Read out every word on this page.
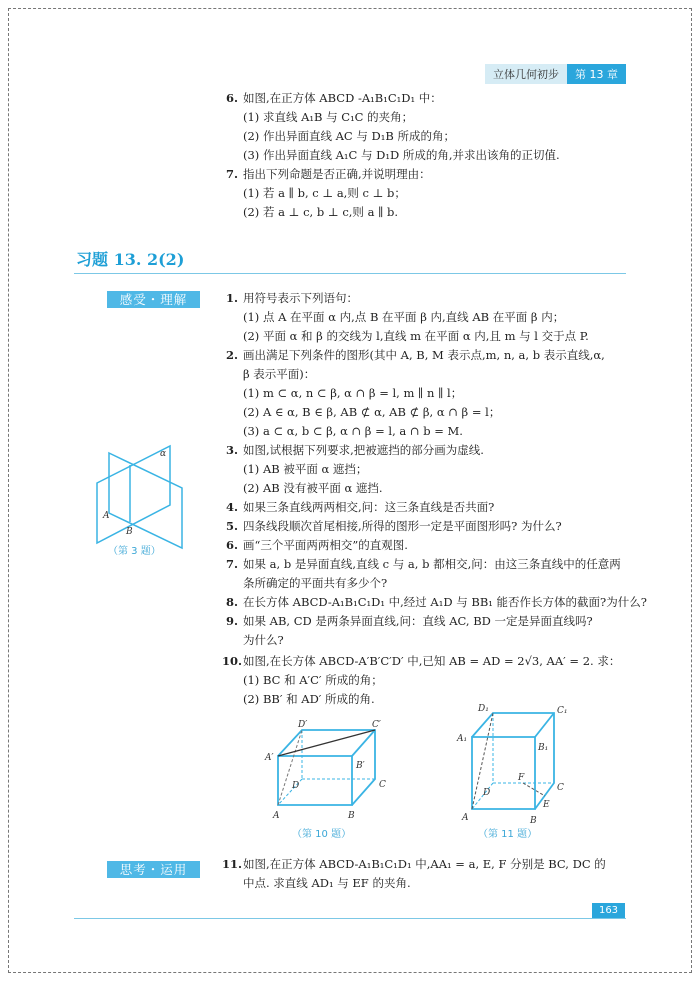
立体几何初步	第 13 章
6. 如图,在正方体 ABCD -A₁B₁C₁D₁ 中：
(1) 求直线 A₁B 与 C₁C 的夹角；
(2) 作出异面直线 AC 与 D₁B 所成的角；
(3) 作出异面直线 A₁C 与 D₁D 所成的角,并求出该角的正切值.
7. 指出下列命题是否正确,并说明理由：
(1) 若 a ∥ b, c ⊥ a,则 c ⊥ b；
(2) 若 a ⊥ c, b ⊥ c,则 a ∥ b.
习题 13. 2(2)
感受・理解	1. 用符号表示下列语句：
(1) 点 A 在平面 α 内,点 B 在平面 β 内,直线 AB 在平面 β 内；
(2) 平面 α 和 β 的交线为 l,直线 m 在平面 α 内,且 m 与 l 交于点 P.
2. 画出满足下列条件的图形(其中 A, B, M 表示点,m, n, a, b 表示直线,α,
β 表示平面)：
(1) m ⊂ α, n ⊂ β, α ∩ β = l, m ∥ n ∥ l；
(2) A ∈ α, B ∈ β, AB ⊄ α, AB ⊄ β, α ∩ β = l；
(3) a ⊂ α, b ⊂ β, α ∩ β = l, a ∩ b = M.
3. 如图,试根据下列要求,把被遮挡的部分画为虚线.
(1) AB 被平面 α 遮挡；
(2) AB 没有被平面 α 遮挡.
4. 如果三条直线两两相交,问：这三条直线是否共面?
5. 四条线段顺次首尾相接,所得的图形一定是平面图形吗? 为什么?
6. 画“三个平面两两相交”的直观图.
7. 如果 a, b 是异面直线,直线 c 与 a, b 都相交,问：由这三条直线中的任意两
条所确定的平面共有多少个?
8. 在长方体 ABCD-A₁B₁C₁D₁ 中,经过 A₁D 与 BB₁ 能否作长方体的截面?为什么?
9. 如果 AB, CD 是两条异面直线,问：直线 AC, BD 一定是异面直线吗?
为什么?
10. 如图,在长方体 ABCD-A′B′C′D′ 中,已知 AB = AD = 2√3, AA′ = 2. 求：
(1) BC 和 A′C′ 所成的角；
(2) BB′ 和 AD′ 所成的角.
思考・运用	11. 如图,在正方体 ABCD-A₁B₁C₁D₁ 中,AA₁ = a, E, F 分别是 BC, DC 的
中点. 求直线 AD₁ 与 EF 的夹角.
α
A
B
D′	C′
A′
B′
D	C
A	B
D₁	C₁
A₁
B₁
D
F
C
E
A	B
（第 3 题）
（第 10 题）	（第 11 题）
163
